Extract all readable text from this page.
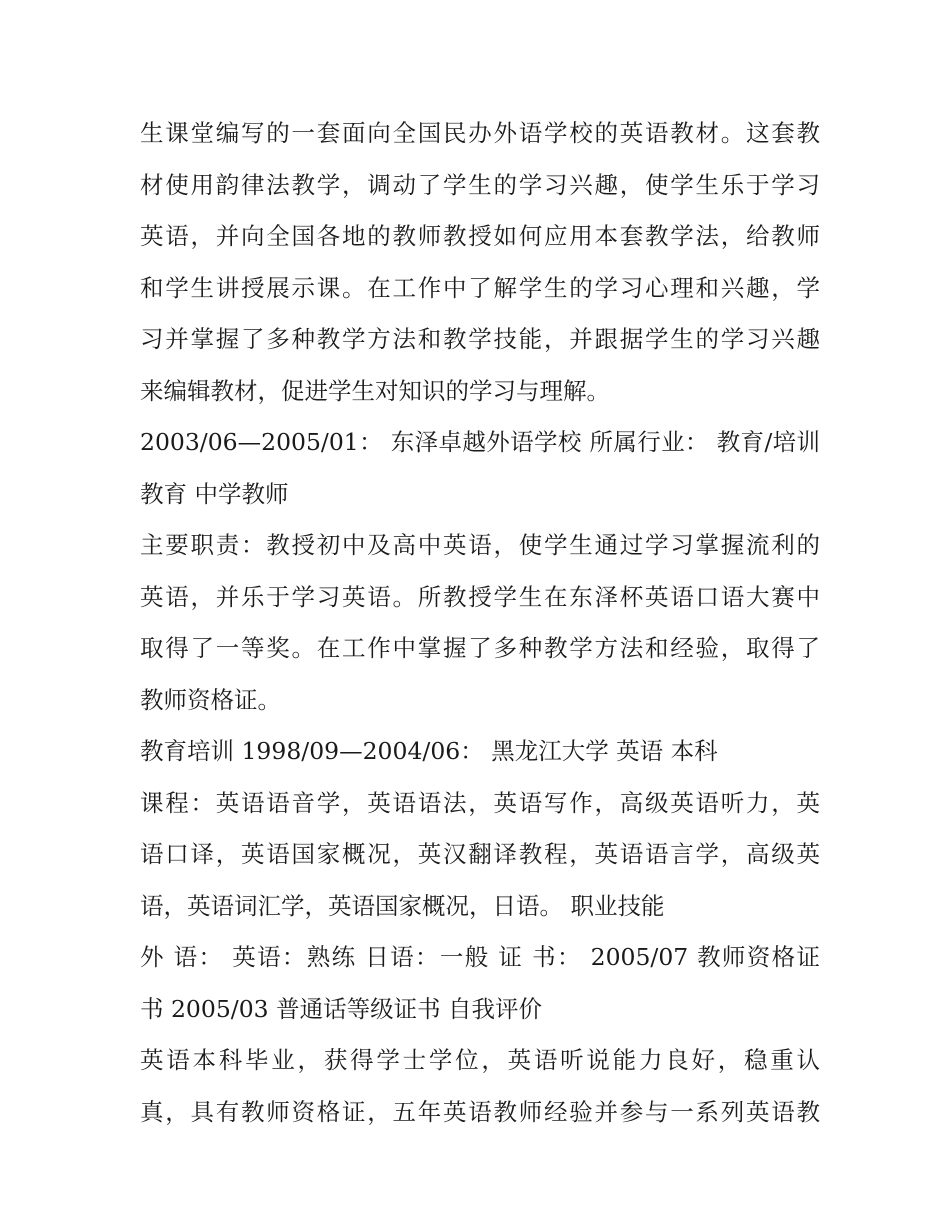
生课堂编写的一套面向全国民办外语学校的英语教材。这套教
材使用韵律法教学，调动了学生的学习兴趣，使学生乐于学习
英语，并向全国各地的教师教授如何应用本套教学法，给教师
和学生讲授展示课。在工作中了解学生的学习心理和兴趣，学
习并掌握了多种教学方法和教学技能，并跟据学生的学习兴趣
来编辑教材，促进学生对知识的学习与理解。
2003/06—2005/01： 东泽卓越外语学校 所属行业： 教育/培训
教育 中学教师
主要职责：教授初中及高中英语，使学生通过学习掌握流利的
英语，并乐于学习英语。所教授学生在东泽杯英语口语大赛中
取得了一等奖。在工作中掌握了多种教学方法和经验，取得了
教师资格证。
教育培训 1998/09—2004/06： 黑龙江大学 英语 本科
课程：英语语音学，英语语法，英语写作，高级英语听力，英
语口译，英语国家概况，英汉翻译教程，英语语言学，高级英
语，英语词汇学，英语国家概况，日语。 职业技能
外 语： 英语：熟练 日语：一般 证 书： 2005/07 教师资格证
书 2005/03 普通话等级证书 自我评价
英语本科毕业，获得学士学位，英语听说能力良好，稳重认
真，具有教师资格证，五年英语教师经验并参与一系列英语教
